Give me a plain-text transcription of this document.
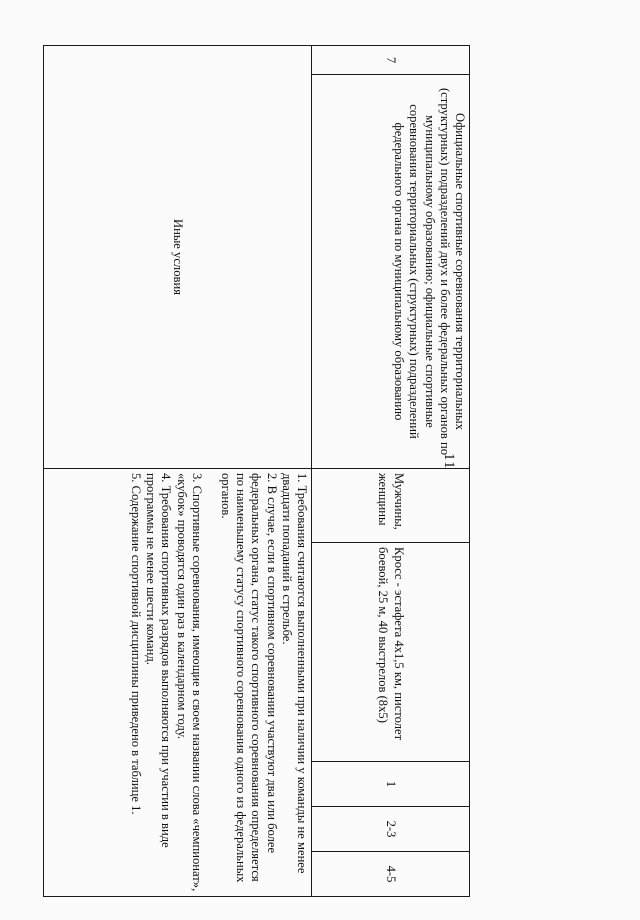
11
7	Официальные спортивные соревнования территориальных (структурных) подразделений двух и более федеральных органов по муниципальному образованию; официальные спортивные соревнования территориальных (структурных) подразделений федерального органа по муниципальному образованию	Мужчины, женщины	Кросс - эстафета 4х1,5 км, пистолет боевой, 25 м, 40 выстрелов (8х5)	1	2-3	4-5
Иные условия		1. Требования считаются выполненными при наличии у команды не менее двадцати попаданий в стрельбе.

2. В случае, если в спортивном соревновании участвуют два или более федеральных органа, статус такого спортивного соревнования определяется по наименьшему статусу спортивного соревнования одного из федеральных органов.

3. Спортивные соревнования, имеющие в своем названии слова «чемпионат», «кубок» проводятся один раз в календарном году.

4. Требования спортивных разрядов выполняются при участии в виде программы не менее шести команд.

5. Содержание спортивной дисциплины приведено в таблице 1.				
